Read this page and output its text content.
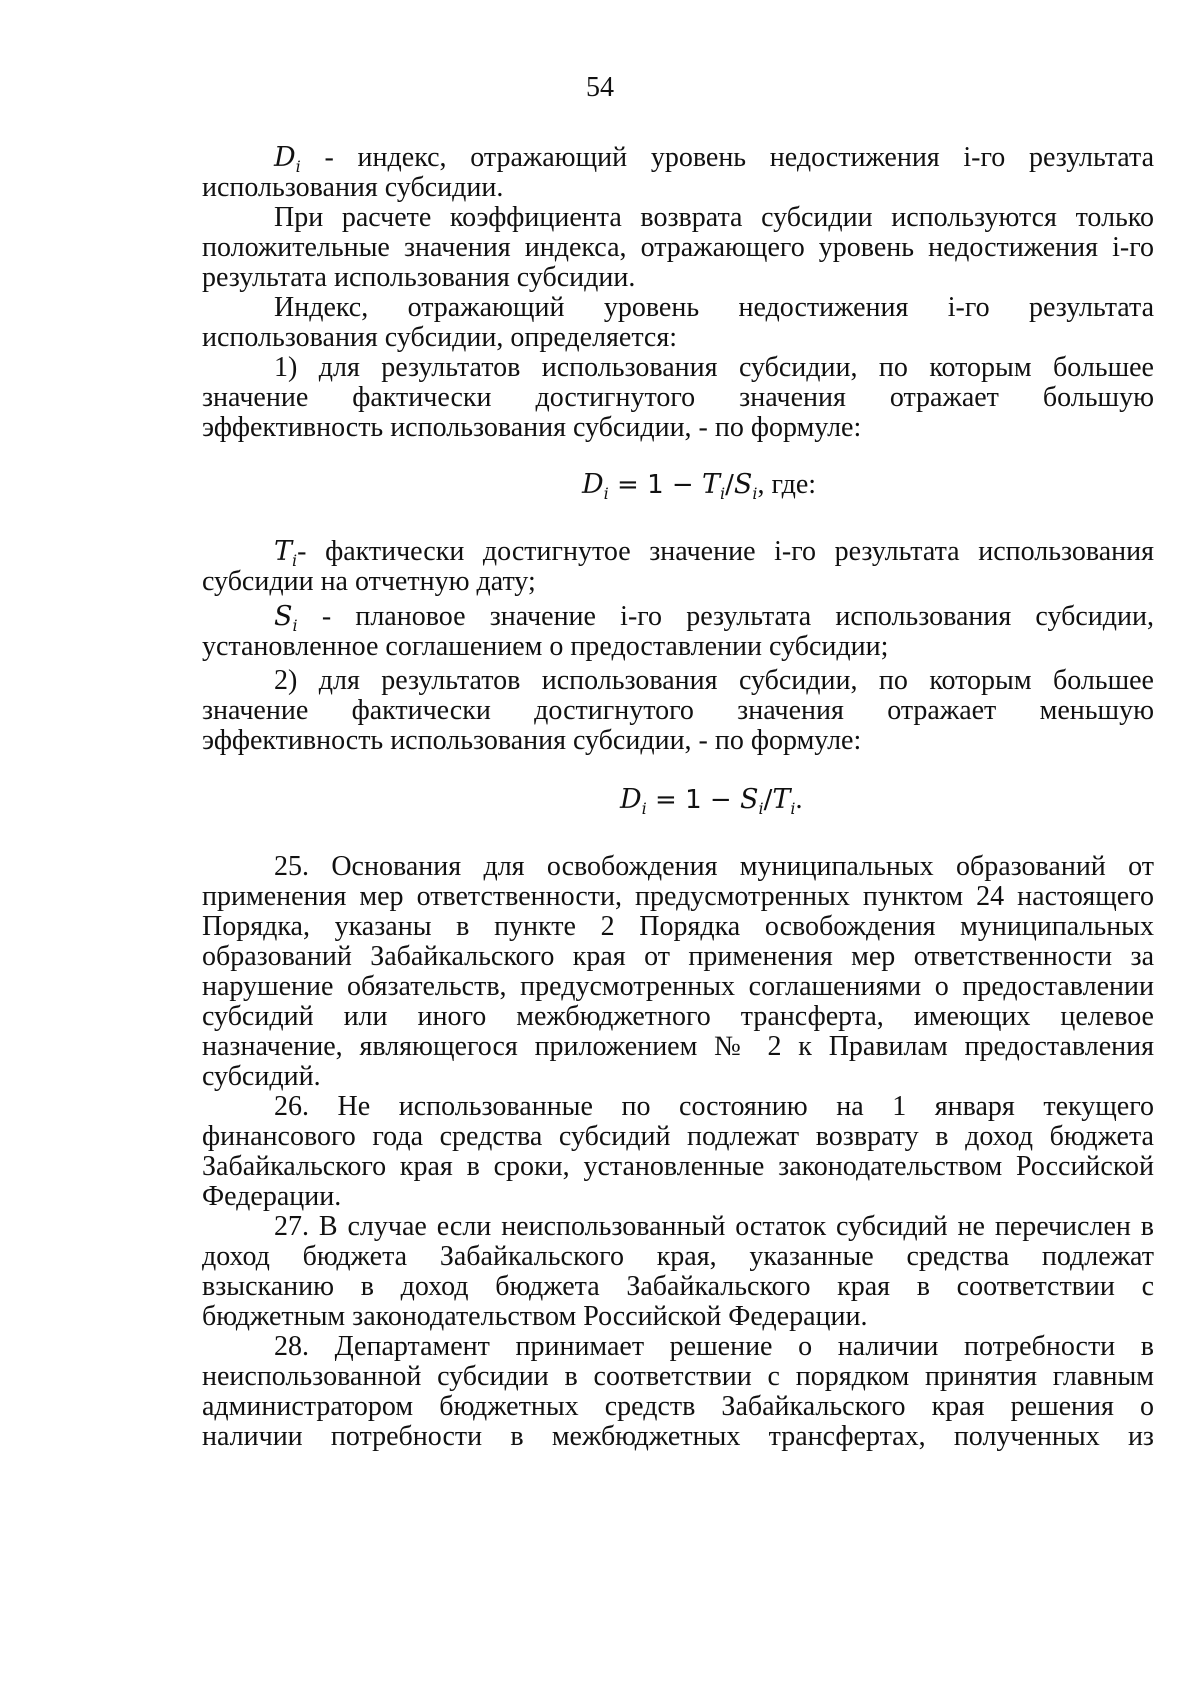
54
$D_i$ - индекс, отражающий уровень недостижения i-го результата
использования субсидии.
При расчете коэффициента возврата субсидии используются только
положительные значения индекса, отражающего уровень недостижения i-го
результата использования субсидии.
Индекс, отражающий уровень недостижения i-го результата
использования субсидии, определяется:
1) для результатов использования субсидии, по которым большее
значение фактически достигнутого значения отражает большую
эффективность использования субсидии, - по формуле:
$D_i = 1 - T_i/S_i$, где:
$T_i-$ фактически достигнутое значение i-го результата использования
субсидии на отчетную дату;
$S_i$ - плановое значение i-го результата использования субсидии,
установленное соглашением о предоставлении субсидии;
2) для результатов использования субсидии, по которым большее
значение фактически достигнутого значения отражает меньшую
эффективность использования субсидии, - по формуле:
$D_i = 1 - S_i/T_i$.
25. Основания для освобождения муниципальных образований от
применения мер ответственности, предусмотренных пунктом 24 настоящего
Порядка, указаны в пункте 2 Порядка освобождения муниципальных
образований Забайкальского края от применения мер ответственности за
нарушение обязательств, предусмотренных соглашениями о предоставлении
субсидий или иного межбюджетного трансферта, имеющих целевое
назначение, являющегося приложением № 2 к Правилам предоставления
субсидий.
26. Не использованные по состоянию на 1 января текущего
финансового года средства субсидий подлежат возврату в доход бюджета
Забайкальского края в сроки, установленные законодательством Российской
Федерации.
27. В случае если неиспользованный остаток субсидий не перечислен в
доход бюджета Забайкальского края, указанные средства подлежат
взысканию в доход бюджета Забайкальского края в соответствии с
бюджетным законодательством Российской Федерации.
28. Департамент принимает решение о наличии потребности в
неиспользованной субсидии в соответствии с порядком принятия главным
администратором бюджетных средств Забайкальского края решения о
наличии потребности в межбюджетных трансфертах, полученных из
